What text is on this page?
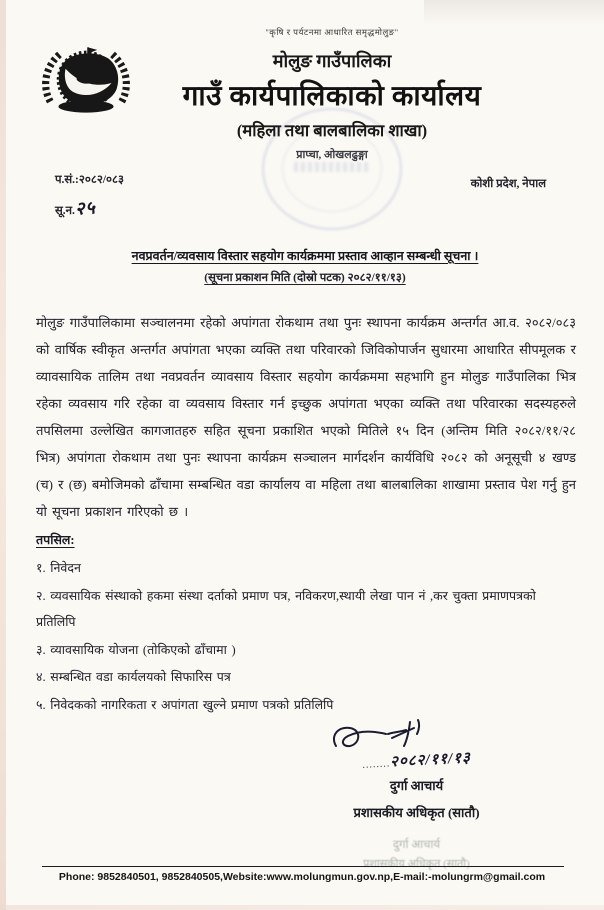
"कृषि र पर्यटनमा आधारित समृद्धमोलुङ"
मोलुङ गाउँपालिका
गाउँ कार्यपालिकाको कार्यालय
(महिला तथा बालबालिका शाखा)
प्राप्चा, ओखलढुङ्गा
प.सं.:२०८२/०८३	कोशी प्रदेश, नेपाल
सू.न.२५
नवप्रवर्तन/व्यवसाय विस्तार सहयोग कार्यक्रममा प्रस्ताव आव्हान सम्बन्धी सूचना ।
(सूचना प्रकाशन मिति (दोस्रो पटक) २०८२/११/१३)
मोलुङ गाउँपालिकामा सञ्चालनमा रहेको अपांगता रोकथाम तथा पुनः स्थापना कार्यक्रम अन्तर्गत आ.व. २०८२/०८३ को वार्षिक स्वीकृत अन्तर्गत अपांगता भएका व्यक्ति तथा परिवारको जिविकोपार्जन सुधारमा आधारित सीपमूलक र व्यावसायिक तालिम तथा नवप्रवर्तन व्यावसाय विस्तार सहयोग कार्यक्रममा सहभागि हुन मोलुङ गाउँपालिका भित्र रहेका व्यवसाय गरि रहेका वा व्यवसाय विस्तार गर्न इच्छुक अपांगता भएका व्यक्ति तथा परिवारका सदस्यहरुले तपसिलमा उल्लेखित कागजातहरु सहित सूचना प्रकाशित भएको मितिले १५ दिन (अन्तिम मिति २०८२/११/२८ भित्र) अपांगता रोकथाम तथा पुनः स्थापना कार्यक्रम सञ्चालन मार्गदर्शन कार्यविधि २०८२ को अनूसूची ४ खण्ड (च) र (छ) बमोजिमको ढाँचामा सम्बन्धित वडा कार्यालय वा महिला तथा बालबालिका शाखामा प्रस्ताव पेश गर्नु हुन यो सूचना प्रकाशन गरिएको छ ।
तपसिल:
१. निवेदन
२. व्यवसायिक संस्थाको हकमा संस्था दर्ताको प्रमाण पत्र, नविकरण,स्थायी लेखा पान नं ,कर चुक्ता प्रमाणपत्रको प्रतिलिपि
३. व्यावसायिक योजना (तोकिएको ढाँचामा )
४. सम्बन्धित वडा कार्यलयको सिफारिस पत्र
५. निवेदकको नागरिकता र अपांगता खुल्ने प्रमाण पत्रको प्रतिलिपि
........२०८२/११/१३
दुर्गा आचार्य
प्रशासकीय अधिकृत (सातौ)
दुर्गा आचार्य
प्रशासकीय अधिकृत (सातौ)
Phone: 9852840501, 9852840505,Website:www.molungmun.gov.np,E-mail:-molungrm@gmail.com
